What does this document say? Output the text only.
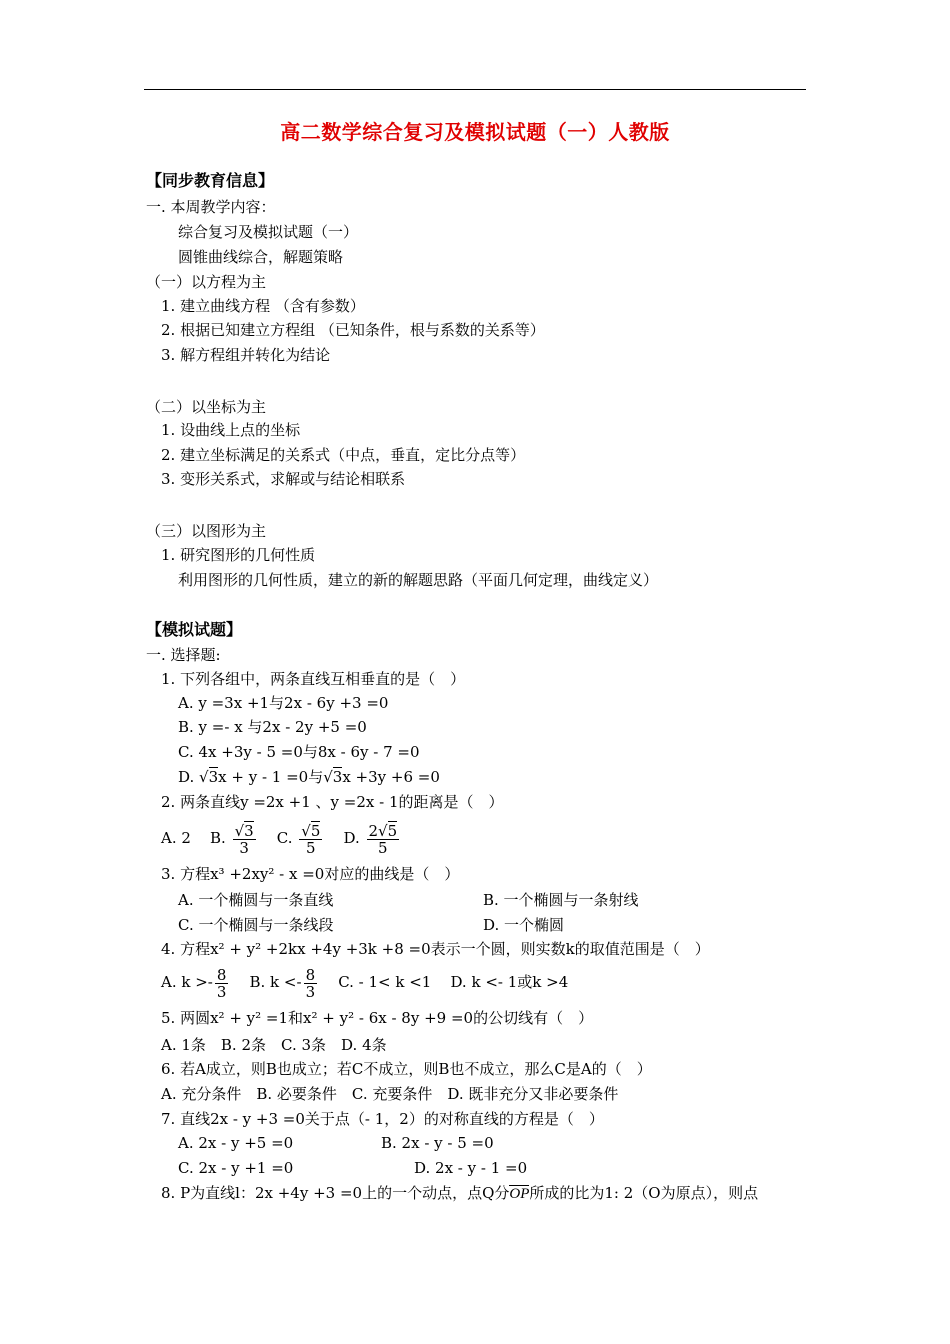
高二数学综合复习及模拟试题（一）人教版
【同步教育信息】
一. 本周教学内容：
综合复习及模拟试题（一）
圆锥曲线综合，解题策略
（一）以方程为主
1. 建立曲线方程 （含有参数）
2. 根据已知建立方程组 （已知条件，根与系数的关系等）
3. 解方程组并转化为结论
（二）以坐标为主
1. 设曲线上点的坐标
2. 建立坐标满足的关系式（中点，垂直，定比分点等）
3. 变形关系式，求解或与结论相联系
（三）以图形为主
1. 研究图形的几何性质
利用图形的几何性质，建立的新的解题思路（平面几何定理，曲线定义）
【模拟试题】
一. 选择题:
1. 下列各组中，两条直线互相垂直的是（　）
A. y =3x +1与2x - 6y +3 =0
B. y =- x 与2x - 2y +5 =0
C. 4x +3y - 5 =0与8x - 6y - 7 =0
D. √3x + y - 1 =0与√3x +3y +6 =0
2. 两条直线y =2x +1 、y =2x - 1的距离是（　）
A. 2 B. $\frac{√3}{3} C$. $\frac{√5}{5} D$. $\frac{2√5}{5}$
3. 方程x³ +2xy² - x =0对应的曲线是（　）
A. 一个椭圆与一条直线	B. 一个椭圆与一条射线
C. 一个椭圆与一条线段	D. 一个椭圆
4. 方程x² + y² +2kx +4y +3k +8 =0表示一个圆，则实数k的取值范围是（　）
A. $k >- \frac{8}{3} B$. $k <- \frac{8}{3} C$. - 1< k <1 D. k <- 1或k >4
5. 两圆x² + y² =1和x² + y² - 6x - 8y +9 =0的公切线有（　）
A. 1条　B. 2条　C. 3条　D. 4条
6. 若A成立，则B也成立；若C不成立，则B也不成立，那么C是A的（　）
A. 充分条件　B. 必要条件　C. 充要条件　D. 既非充分又非必要条件
7. 直线2x - y +3 =0关于点（- 1，2）的对称直线的方程是（　）
A. 2x - y +5 =0	B. 2x - y - 5 =0
C. 2x - y +1 =0	D. 2x - y - 1 =0
8. P为直线l：2x +4y +3 =0上的一个动点，点Q分OP所成的比为1: 2（O为原点），则点
